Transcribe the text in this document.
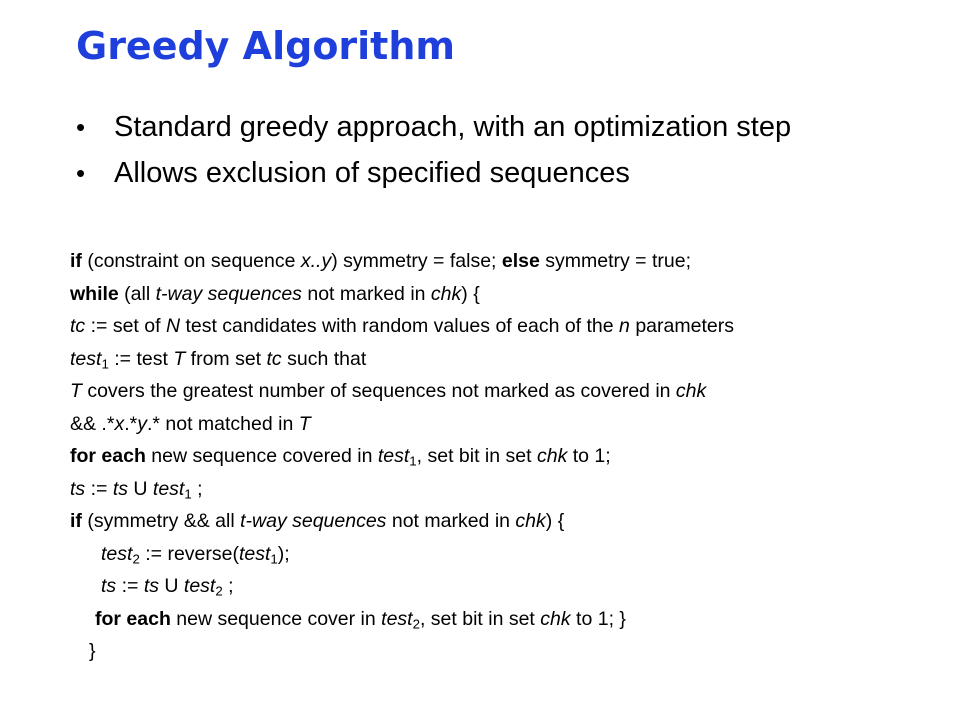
Greedy Algorithm
• Standard greedy approach, with an optimization step
• Allows exclusion of specified sequences
if (constraint on sequence x..y) symmetry = false; else symmetry = true;
while (all t-way sequences not marked in chk) {
tc := set of N test candidates with random values of each of the n parameters
test$_1$ := test T from set tc such that
T covers the greatest number of sequences not marked as covered in chk
&& .*x.*y.* not matched in T
for each new sequence covered in test$_1$, set bit in set chk to 1;
ts := ts U test$_1$ ;
if (symmetry && all t-way sequences not marked in chk) {
test$_2$ := reverse(test$_1$);
ts := ts U test$_2$ ;
for each new sequence cover in test$_2$, set bit in set chk to 1; }
}
